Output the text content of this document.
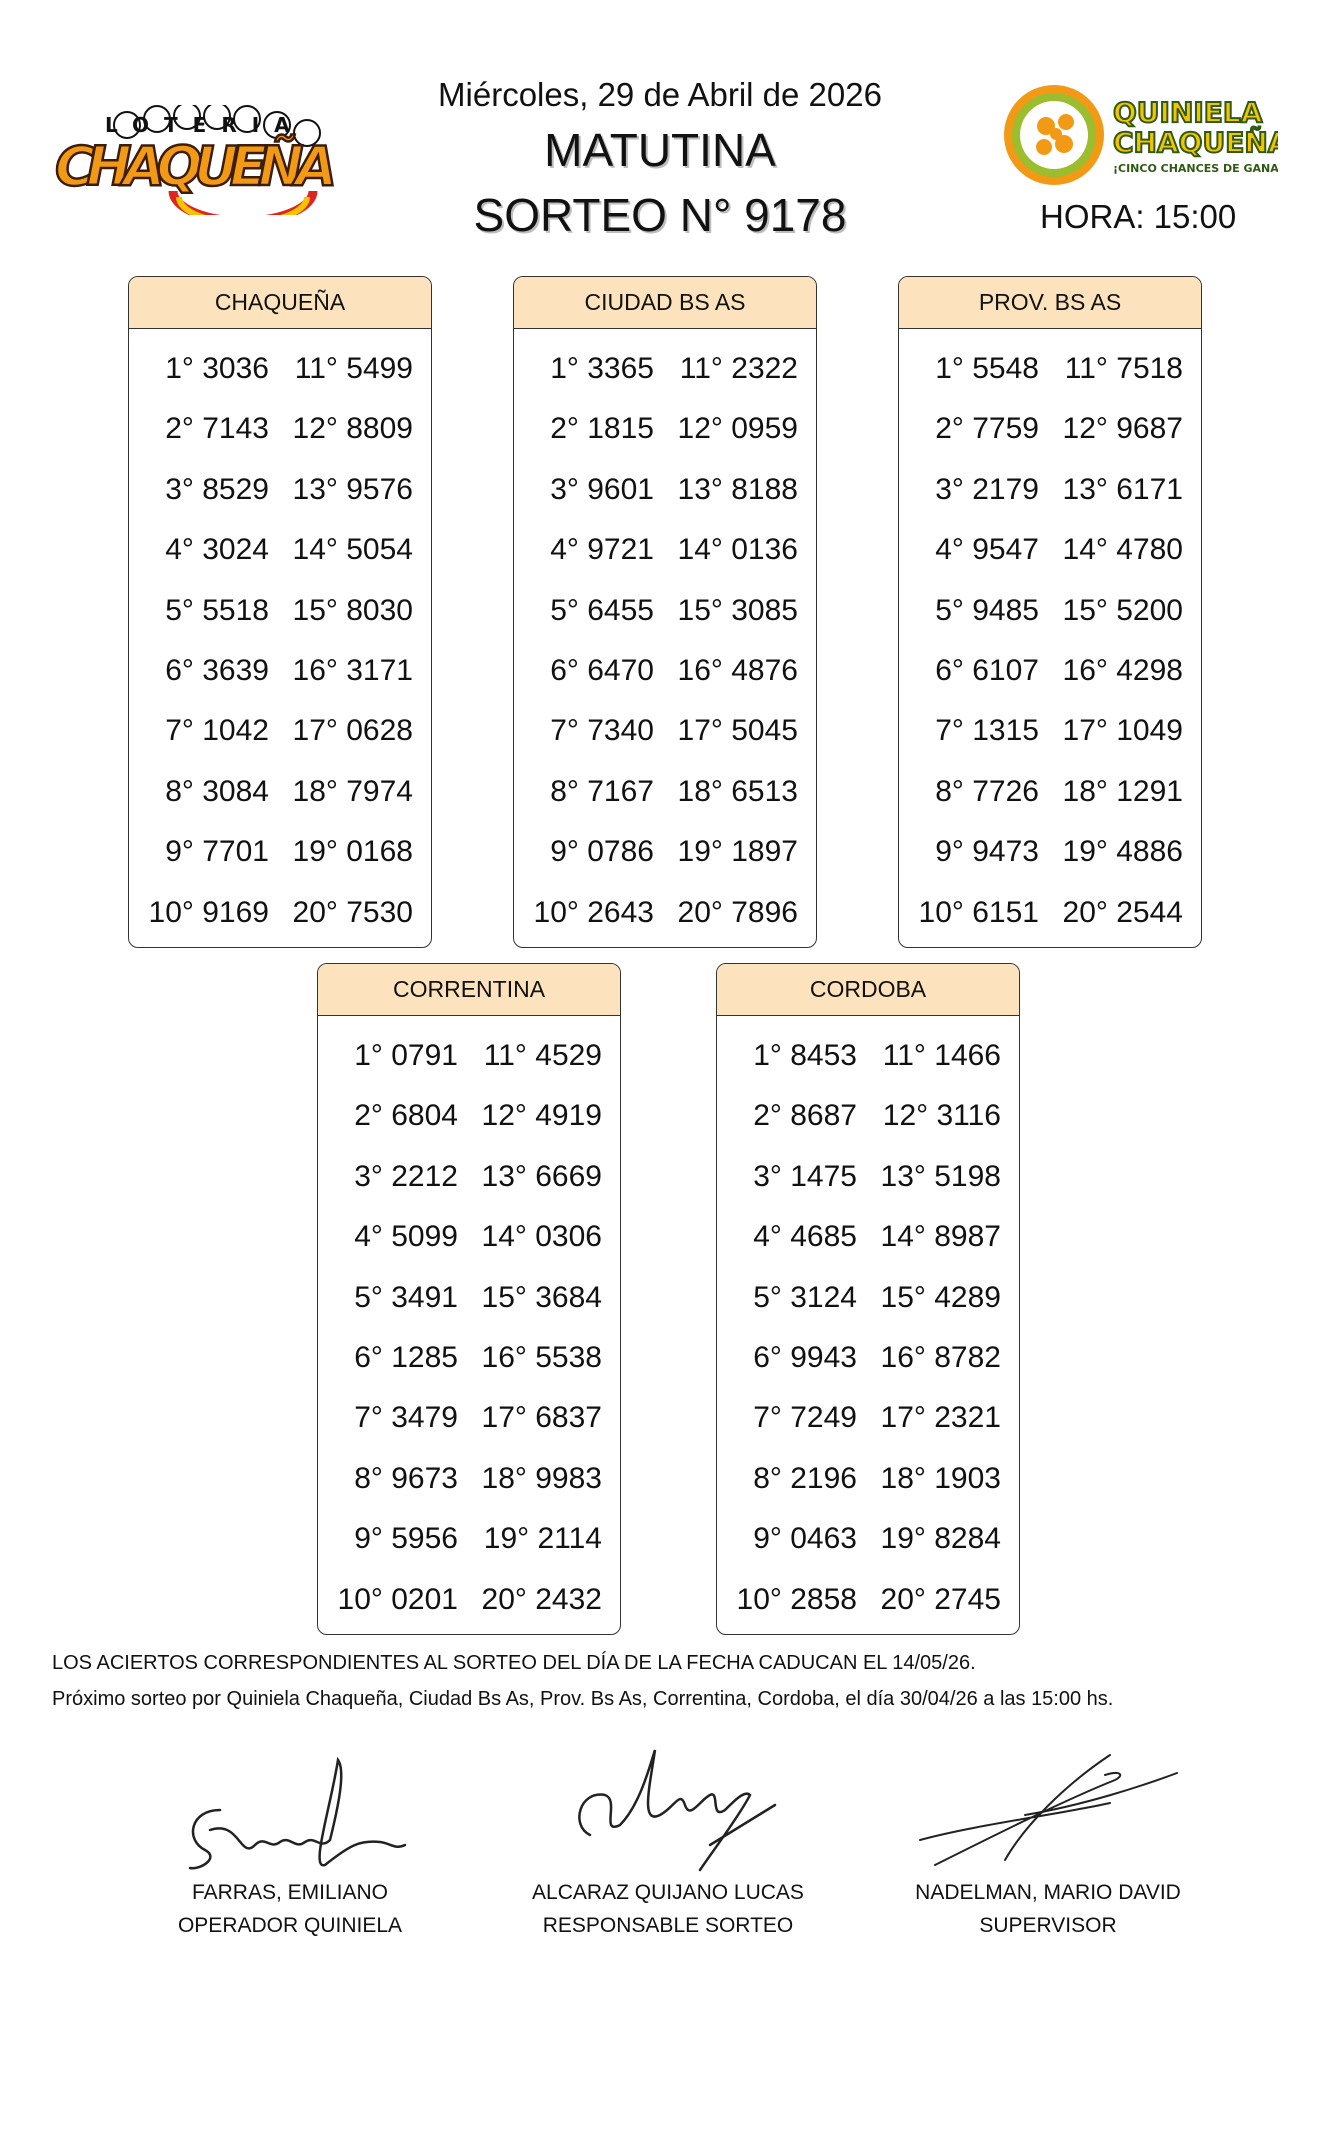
LOTERIA
CHAQUEÑA
Miércoles, 29 de Abril de 2026
MATUTINA
SORTEO N° 9178	HORA: 15:00
QUINIELA
CHAQUEÑA
¡CINCO CHANCES DE GANAR!
CHAQUEÑA
1° 3036 11° 5499
2° 7143 12° 8809
3° 8529 13° 9576
4° 3024 14° 5054
5° 5518 15° 8030
6° 3639 16° 3171
7° 1042 17° 0628
8° 3084 18° 7974
9° 7701 19° 0168
10° 9169 20° 7530
CIUDAD BS AS
1° 3365 11° 2322
2° 1815 12° 0959
3° 9601 13° 8188
4° 9721 14° 0136
5° 6455 15° 3085
6° 6470 16° 4876
7° 7340 17° 5045
8° 7167 18° 6513
9° 0786 19° 1897
10° 2643 20° 7896
PROV. BS AS
1° 5548 11° 7518
2° 7759 12° 9687
3° 2179 13° 6171
4° 9547 14° 4780
5° 9485 15° 5200
6° 6107 16° 4298
7° 1315 17° 1049
8° 7726 18° 1291
9° 9473 19° 4886
10° 6151 20° 2544
CORRENTINA
1° 0791 11° 4529
2° 6804 12° 4919
3° 2212 13° 6669
4° 5099 14° 0306
5° 3491 15° 3684
6° 1285 16° 5538
7° 3479 17° 6837
8° 9673 18° 9983
9° 5956 19° 2114
10° 0201 20° 2432
CORDOBA
1° 8453 11° 1466
2° 8687 12° 3116
3° 1475 13° 5198
4° 4685 14° 8987
5° 3124 15° 4289
6° 9943 16° 8782
7° 7249 17° 2321
8° 2196 18° 1903
9° 0463 19° 8284
10° 2858 20° 2745
LOS ACIERTOS CORRESPONDIENTES AL SORTEO DEL DÍA DE LA FECHA CADUCAN EL 14/05/26.
Próximo sorteo por Quiniela Chaqueña, Ciudad Bs As, Prov. Bs As, Correntina, Cordoba, el día 30/04/26 a las 15:00 hs.
FARRAS, EMILIANO
OPERADOR QUINIELA
ALCARAZ QUIJANO LUCAS
RESPONSABLE SORTEO
NADELMAN, MARIO DAVID
SUPERVISOR
